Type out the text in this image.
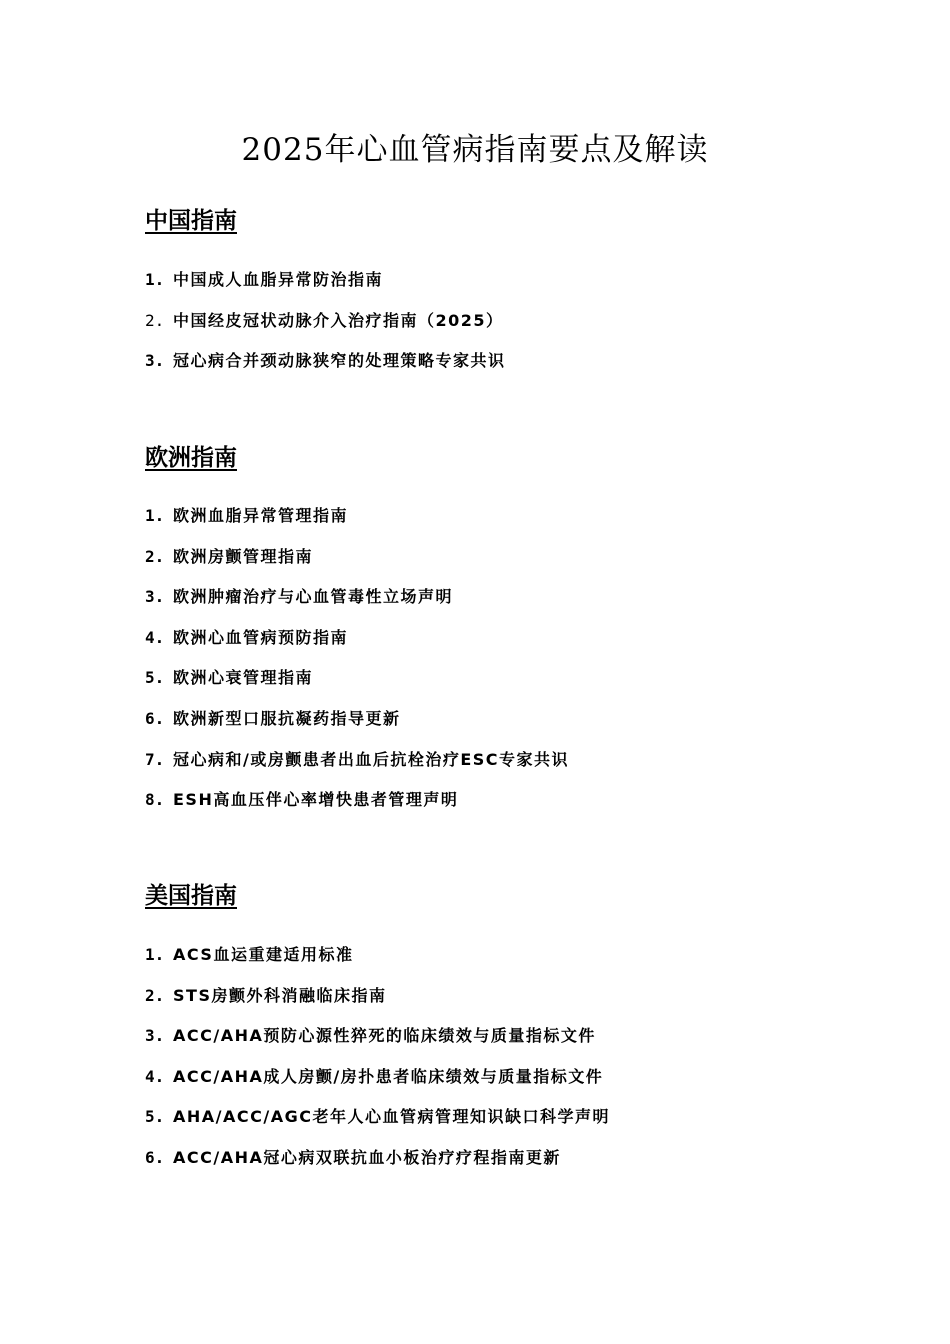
2025年心血管病指南要点及解读
中国指南
1. 中国成人血脂异常防治指南
2. 中国经皮冠状动脉介入治疗指南（2025）
3. 冠心病合并颈动脉狭窄的处理策略专家共识
欧洲指南
1. 欧洲血脂异常管理指南
2. 欧洲房颤管理指南
3. 欧洲肿瘤治疗与心血管毒性立场声明
4. 欧洲心血管病预防指南
5. 欧洲心衰管理指南
6. 欧洲新型口服抗凝药指导更新
7. 冠心病和/或房颤患者出血后抗栓治疗ESC专家共识
8. ESH高血压伴心率增快患者管理声明
美国指南
1. ACS血运重建适用标准
2. STS房颤外科消融临床指南
3. ACC/AHA预防心源性猝死的临床绩效与质量指标文件
4. ACC/AHA成人房颤/房扑患者临床绩效与质量指标文件
5. AHA/ACC/AGC老年人心血管病管理知识缺口科学声明
6. ACC/AHA冠心病双联抗血小板治疗疗程指南更新
